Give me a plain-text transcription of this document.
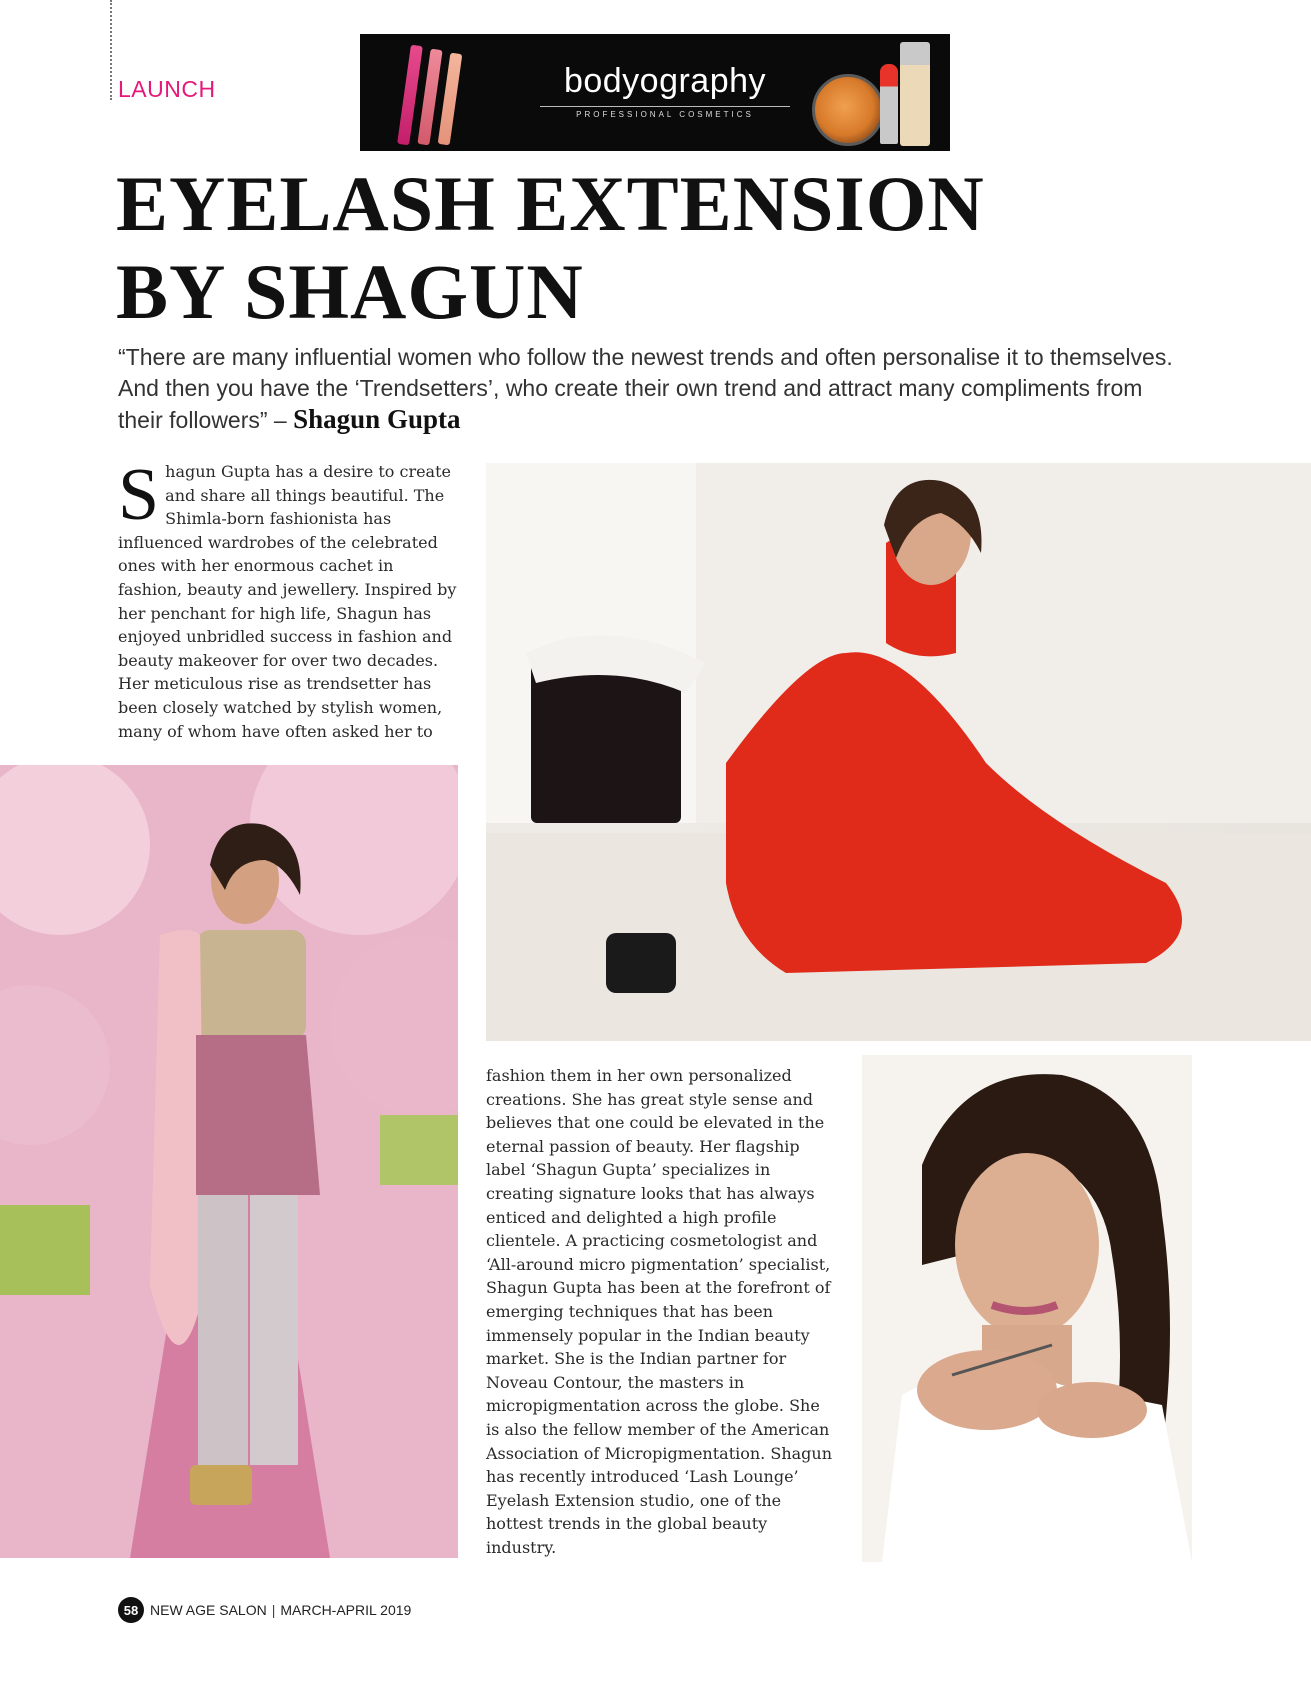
LAUNCH	bodyography
PROFESSIONAL COSMETICS
EYELASH EXTENSION
BY SHAGUN
“There are many influential women who follow the newest trends and often personalise it to themselves. And then you have the ‘Trendsetters’, who create their own trend and attract many compliments from their followers” – Shagun Gupta
Shagun Gupta has a desire to create and share all things beautiful. The Shimla-born fashionista has influenced wardrobes of the celebrated ones with her enormous cachet in fashion, beauty and jewellery. Inspired by her penchant for high life, Shagun has enjoyed unbridled success in fashion and beauty makeover for over two decades. Her meticulous rise as trendsetter has been closely watched by stylish women, many of whom have often asked her to
fashion them in her own personalized creations. She has great style sense and believes that one could be elevated in the eternal passion of beauty. Her flagship label ‘Shagun Gupta’ specializes in creating signature looks that has always enticed and delighted a high profile clientele. A practicing cosmetologist and ‘All-around micro pigmentation’ specialist, Shagun Gupta has been at the forefront of emerging techniques that has been immensely popular in the Indian beauty market. She is the Indian partner for Noveau Contour, the masters in micropigmentation across the globe. She is also the fellow member of the American Association of Micropigmentation. Shagun has recently introduced ‘Lash Lounge’ Eyelash Extension studio, one of the hottest trends in the global beauty industry.
58 NEW AGE SALON | MARCH-APRIL 2019
